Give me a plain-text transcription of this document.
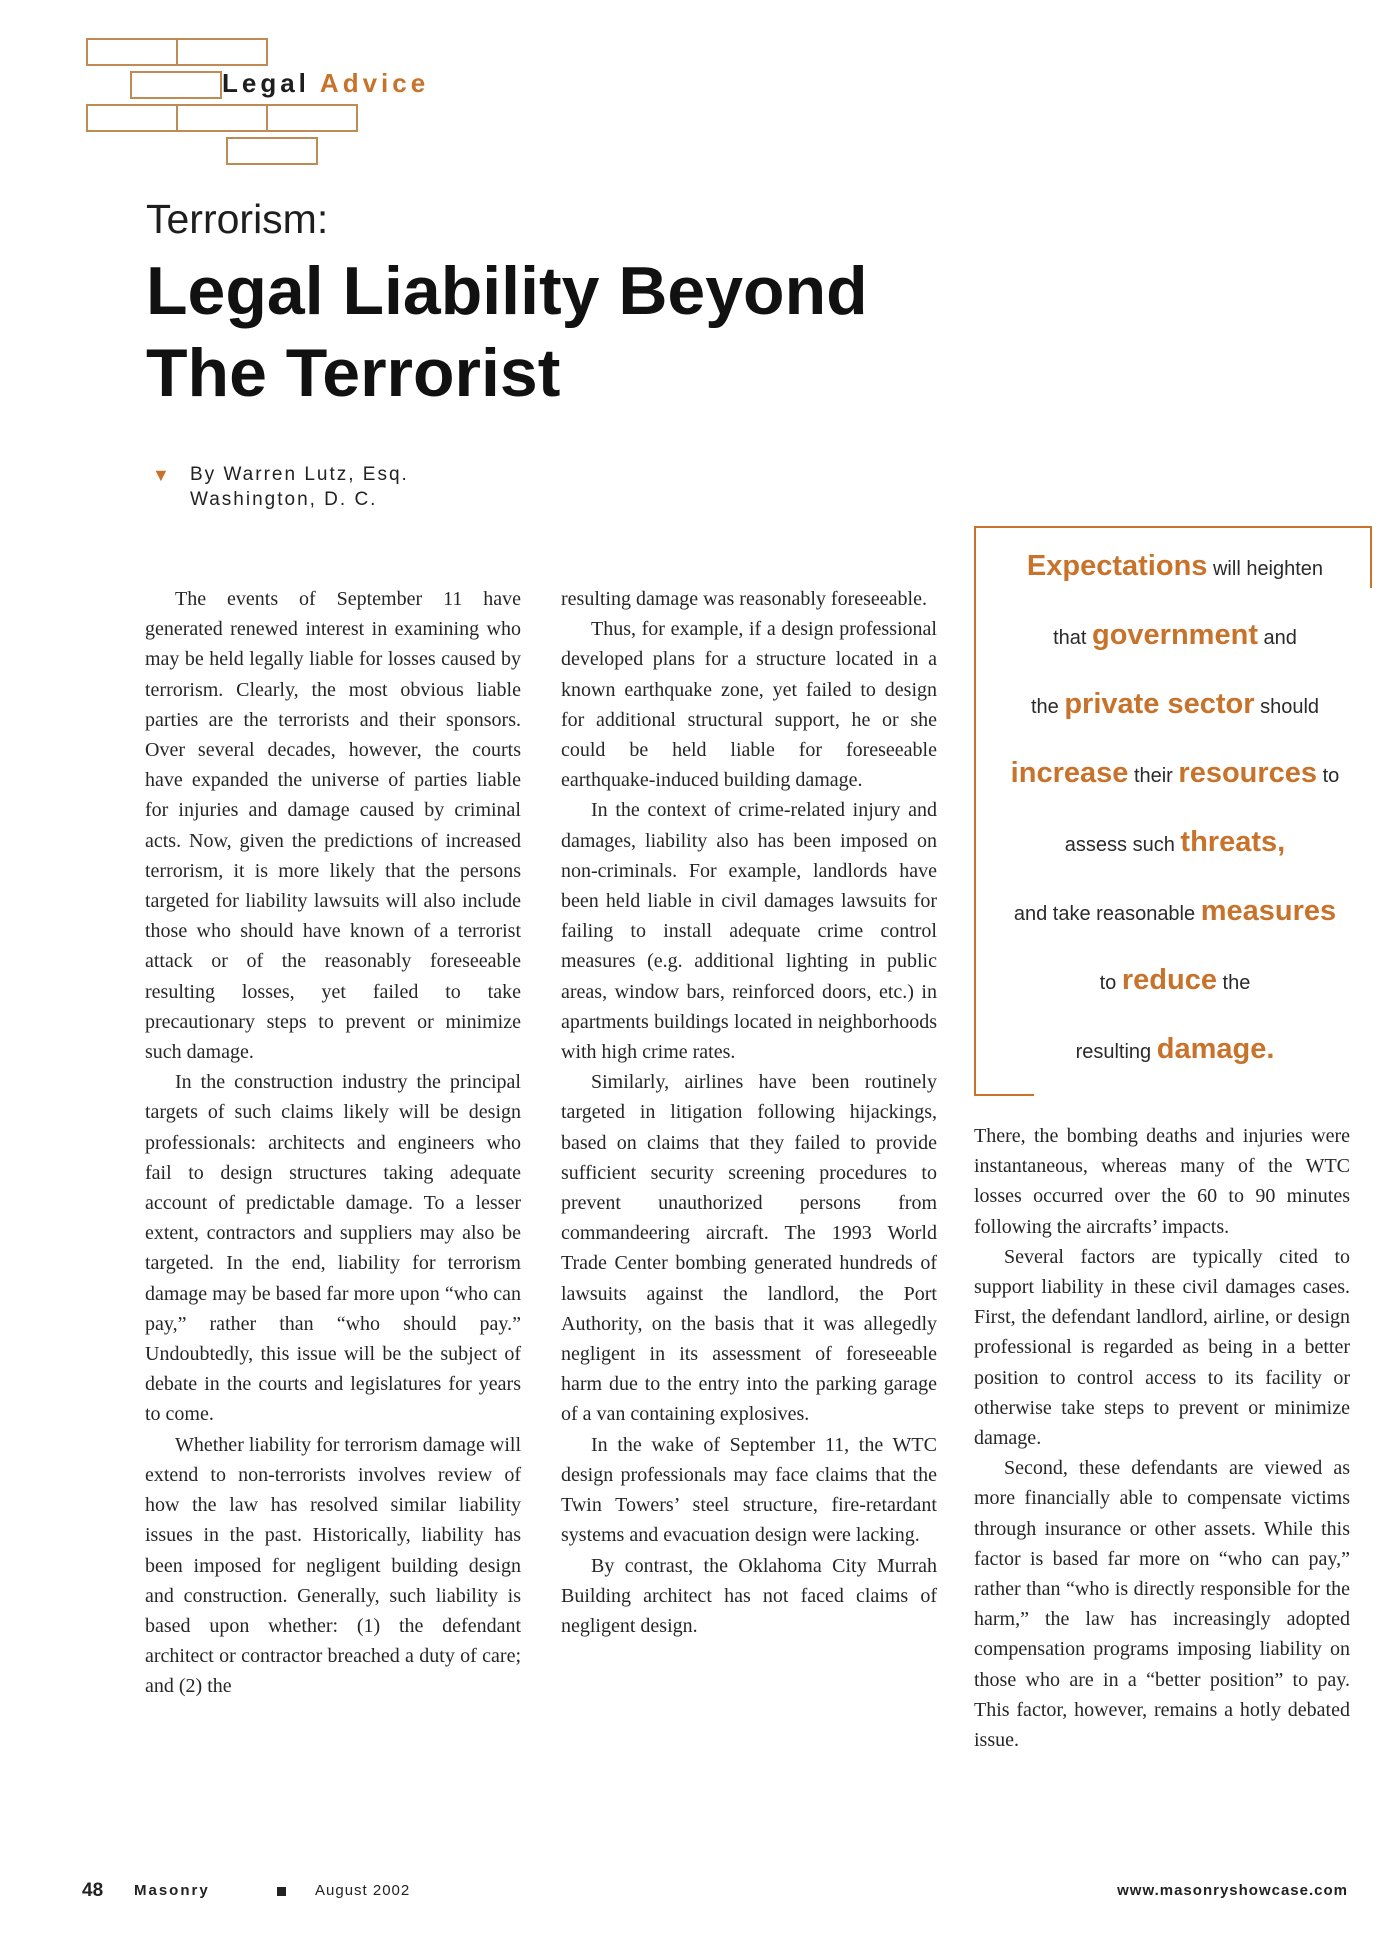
Legal Advice
Terrorism:
Legal Liability Beyond
The Terrorist
▼ By Warren Lutz, Esq.
Washington, D. C.

The events of September 11 have generated renewed interest in examining who may be held legally liable for losses caused by terrorism. Clearly, the most obvious liable parties are the terrorists and their sponsors. Over several decades, however, the courts have expanded the universe of parties liable for injuries and damage caused by criminal acts. Now, given the predictions of increased terrorism, it is more likely that the persons targeted for liability lawsuits will also include those who should have known of a terrorist attack or of the reasonably foreseeable resulting losses, yet failed to take precautionary steps to prevent or minimize such damage.

In the construction industry the principal targets of such claims likely will be design professionals: architects and engineers who fail to design structures taking adequate account of predictable damage. To a lesser extent, contractors and suppliers may also be targeted. In the end, liability for terrorism damage may be based far more upon “who can pay,” rather than “who should pay.” Undoubtedly, this issue will be the subject of debate in the courts and legislatures for years to come.

Whether liability for terrorism damage will extend to non-terrorists involves review of how the law has resolved similar liability issues in the past. Historically, liability has been imposed for negligent building design and construction. Generally, such liability is based upon whether: (1) the defendant architect or contractor breached a duty of care; and (2) the

resulting damage was reasonably foreseeable.

Thus, for example, if a design professional developed plans for a structure located in a known earthquake zone, yet failed to design for additional structural support, he or she could be held liable for foreseeable earthquake-induced building damage.

In the context of crime-related injury and damages, liability also has been imposed on non-criminals. For example, landlords have been held liable in civil damages lawsuits for failing to install adequate crime control measures (e.g. additional lighting in public areas, window bars, reinforced doors, etc.) in apartments buildings located in neighborhoods with high crime rates.

Similarly, airlines have been routinely targeted in litigation following hijackings, based on claims that they failed to provide sufficient security screening procedures to prevent unauthorized persons from commandeering aircraft. The 1993 World Trade Center bombing generated hundreds of lawsuits against the landlord, the Port Authority, on the basis that it was allegedly negligent in its assessment of foreseeable harm due to the entry into the parking garage of a van containing explosives.

In the wake of September 11, the WTC design professionals may face claims that the Twin Towers’ steel structure, fire-retardant systems and evacuation design were lacking.

By contrast, the Oklahoma City Murrah Building architect has not faced claims of negligent design.

Expectations will heighten
that government and
the private sector should
increase their resources to
assess such threats,
and take reasonable measures
to reduce the
resulting damage.

There, the bombing deaths and injuries were instantaneous, whereas many of the WTC losses occurred over the 60 to 90 minutes following the aircrafts’ impacts.

Several factors are typically cited to support liability in these civil damages cases. First, the defendant landlord, airline, or design professional is regarded as being in a better position to control access to its facility or otherwise take steps to prevent or minimize damage.

Second, these defendants are viewed as more financially able to compensate victims through insurance or other assets. While this factor is based far more on “who can pay,” rather than “who is directly responsible for the harm,” the law has increasingly adopted compensation programs imposing liability on those who are in a “better position” to pay. This factor, however, remains a hotly debated issue.

48 Masonry	August 2002	www.masonryshowcase.com
